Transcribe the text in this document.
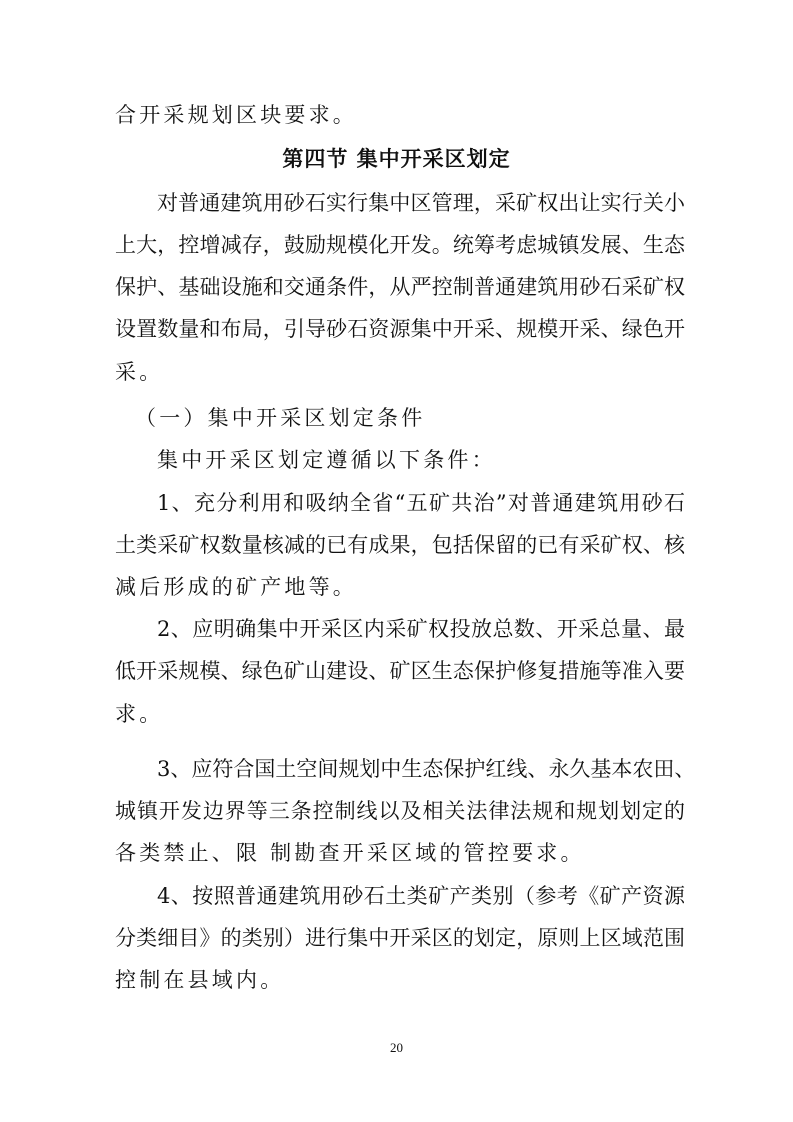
合开采规划区块要求。
第四节 集中开采区划定
对普通建筑用砂石实行集中区管理，采矿权出让实行关小
上大，控增减存，鼓励规模化开发。统筹考虑城镇发展、生态
保护、基础设施和交通条件，从严控制普通建筑用砂石采矿权
设置数量和布局，引导砂石资源集中开采、规模开采、绿色开
采。
（一）集中开采区划定条件
集中开采区划定遵循以下条件：
1、充分利用和吸纳全省“五矿共治”对普通建筑用砂石
土类采矿权数量核减的已有成果，包括保留的已有采矿权、核
减后形成的矿产地等。
2、应明确集中开采区内采矿权投放总数、开采总量、最
低开采规模、绿色矿山建设、矿区生态保护修复措施等准入要
求。
3、应符合国土空间规划中生态保护红线、永久基本农田、
城镇开发边界等三条控制线以及相关法律法规和规划划定的
各类禁止、限 制勘查开采区域的管控要求。
4、按照普通建筑用砂石土类矿产类别（参考《矿产资源
分类细目》的类别）进行集中开采区的划定，原则上区域范围
控制在县域内。
20
